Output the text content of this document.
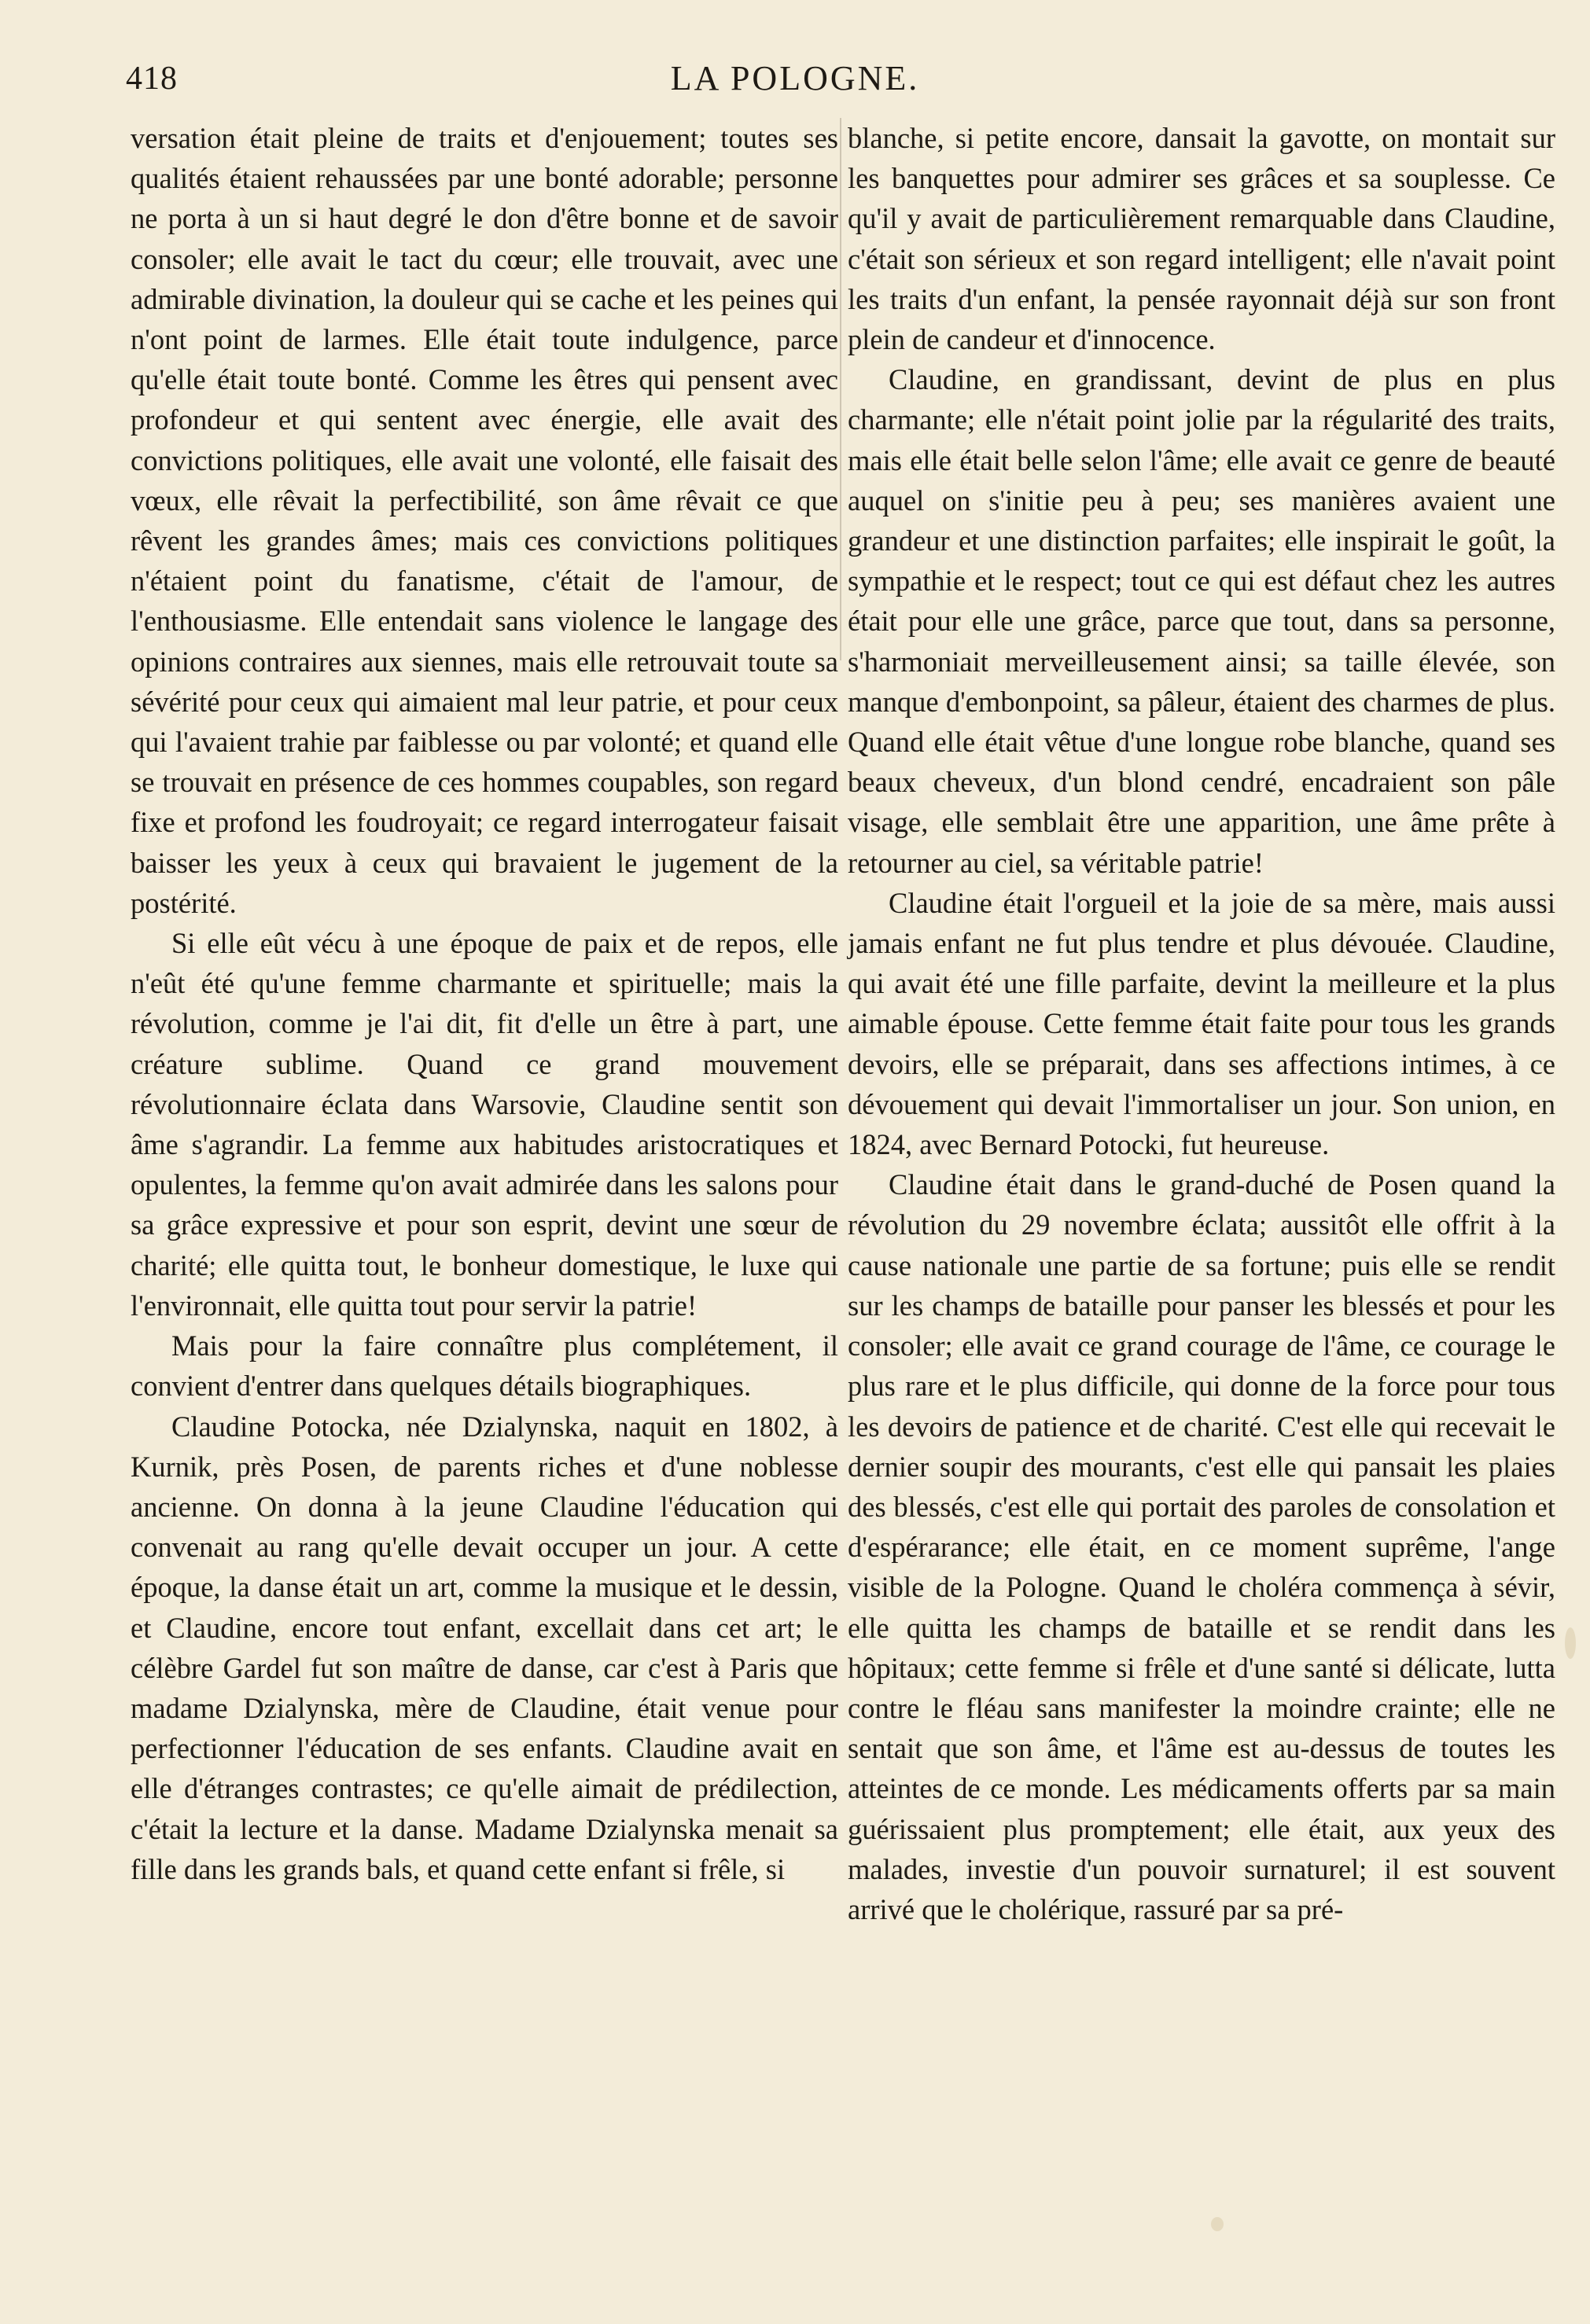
418	LA POLOGNE.

versation était pleine de traits et d'enjouement; toutes ses qualités étaient rehaussées par une bonté adorable; personne ne porta à un si haut degré le don d'être bonne et de savoir consoler; elle avait le tact du cœur; elle trouvait, avec une admirable divination, la douleur qui se cache et les peines qui n'ont point de larmes. Elle était toute indulgence, parce qu'elle était toute bonté. Comme les êtres qui pensent avec profondeur et qui sentent avec énergie, elle avait des convictions politiques, elle avait une volonté, elle faisait des vœux, elle rêvait la perfectibilité, son âme rêvait ce que rêvent les grandes âmes; mais ces convictions politiques n'étaient point du fanatisme, c'était de l'amour, de l'enthousiasme. Elle entendait sans violence le langage des opinions contraires aux siennes, mais elle retrouvait toute sa sévérité pour ceux qui aimaient mal leur patrie, et pour ceux qui l'avaient trahie par faiblesse ou par volonté; et quand elle se trouvait en présence de ces hommes coupables, son regard fixe et profond les foudroyait; ce regard interrogateur faisait baisser les yeux à ceux qui bravaient le jugement de la postérité.

Si elle eût vécu à une époque de paix et de repos, elle n'eût été qu'une femme charmante et spirituelle; mais la révolution, comme je l'ai dit, fit d'elle un être à part, une créature sublime. Quand ce grand mouvement révolutionnaire éclata dans Warsovie, Claudine sentit son âme s'agrandir. La femme aux habitudes aristocratiques et opulentes, la femme qu'on avait admirée dans les salons pour sa grâce expressive et pour son esprit, devint une sœur de charité; elle quitta tout, le bonheur domestique, le luxe qui l'environnait, elle quitta tout pour servir la patrie!

Mais pour la faire connaître plus complétement, il convient d'entrer dans quelques détails biographiques.

Claudine Potocka, née Dzialynska, naquit en 1802, à Kurnik, près Posen, de parents riches et d'une noblesse ancienne. On donna à la jeune Claudine l'éducation qui convenait au rang qu'elle devait occuper un jour. A cette époque, la danse était un art, comme la musique et le dessin, et Claudine, encore tout enfant, excellait dans cet art; le célèbre Gardel fut son maître de danse, car c'est à Paris que madame Dzialynska, mère de Claudine, était venue pour perfectionner l'éducation de ses enfants. Claudine avait en elle d'étranges contrastes; ce qu'elle aimait de prédilection, c'était la lecture et la danse. Madame Dzialynska menait sa fille dans les grands bals, et quand cette enfant si frêle, si

blanche, si petite encore, dansait la gavotte, on montait sur les banquettes pour admirer ses grâces et sa souplesse. Ce qu'il y avait de particulièrement remarquable dans Claudine, c'était son sérieux et son regard intelligent; elle n'avait point les traits d'un enfant, la pensée rayonnait déjà sur son front plein de candeur et d'innocence.

Claudine, en grandissant, devint de plus en plus charmante; elle n'était point jolie par la régularité des traits, mais elle était belle selon l'âme; elle avait ce genre de beauté auquel on s'initie peu à peu; ses manières avaient une grandeur et une distinction parfaites; elle inspirait le goût, la sympathie et le respect; tout ce qui est défaut chez les autres était pour elle une grâce, parce que tout, dans sa personne, s'harmoniait merveilleusement ainsi; sa taille élevée, son manque d'embonpoint, sa pâleur, étaient des charmes de plus. Quand elle était vêtue d'une longue robe blanche, quand ses beaux cheveux, d'un blond cendré, encadraient son pâle visage, elle semblait être une apparition, une âme prête à retourner au ciel, sa véritable patrie!

Claudine était l'orgueil et la joie de sa mère, mais aussi jamais enfant ne fut plus tendre et plus dévouée. Claudine, qui avait été une fille parfaite, devint la meilleure et la plus aimable épouse. Cette femme était faite pour tous les grands devoirs, elle se préparait, dans ses affections intimes, à ce dévouement qui devait l'immortaliser un jour. Son union, en 1824, avec Bernard Potocki, fut heureuse.

Claudine était dans le grand-duché de Posen quand la révolution du 29 novembre éclata; aussitôt elle offrit à la cause nationale une partie de sa fortune; puis elle se rendit sur les champs de bataille pour panser les blessés et pour les consoler; elle avait ce grand courage de l'âme, ce courage le plus rare et le plus difficile, qui donne de la force pour tous les devoirs de patience et de charité. C'est elle qui recevait le dernier soupir des mourants, c'est elle qui pansait les plaies des blessés, c'est elle qui portait des paroles de consolation et d'espérarance; elle était, en ce moment suprême, l'ange visible de la Pologne. Quand le choléra commença à sévir, elle quitta les champs de bataille et se rendit dans les hôpitaux; cette femme si frêle et d'une santé si délicate, lutta contre le fléau sans manifester la moindre crainte; elle ne sentait que son âme, et l'âme est au-dessus de toutes les atteintes de ce monde. Les médicaments offerts par sa main guérissaient plus promptement; elle était, aux yeux des malades, investie d'un pouvoir surnaturel; il est souvent arrivé que le cholérique, rassuré par sa pré-
